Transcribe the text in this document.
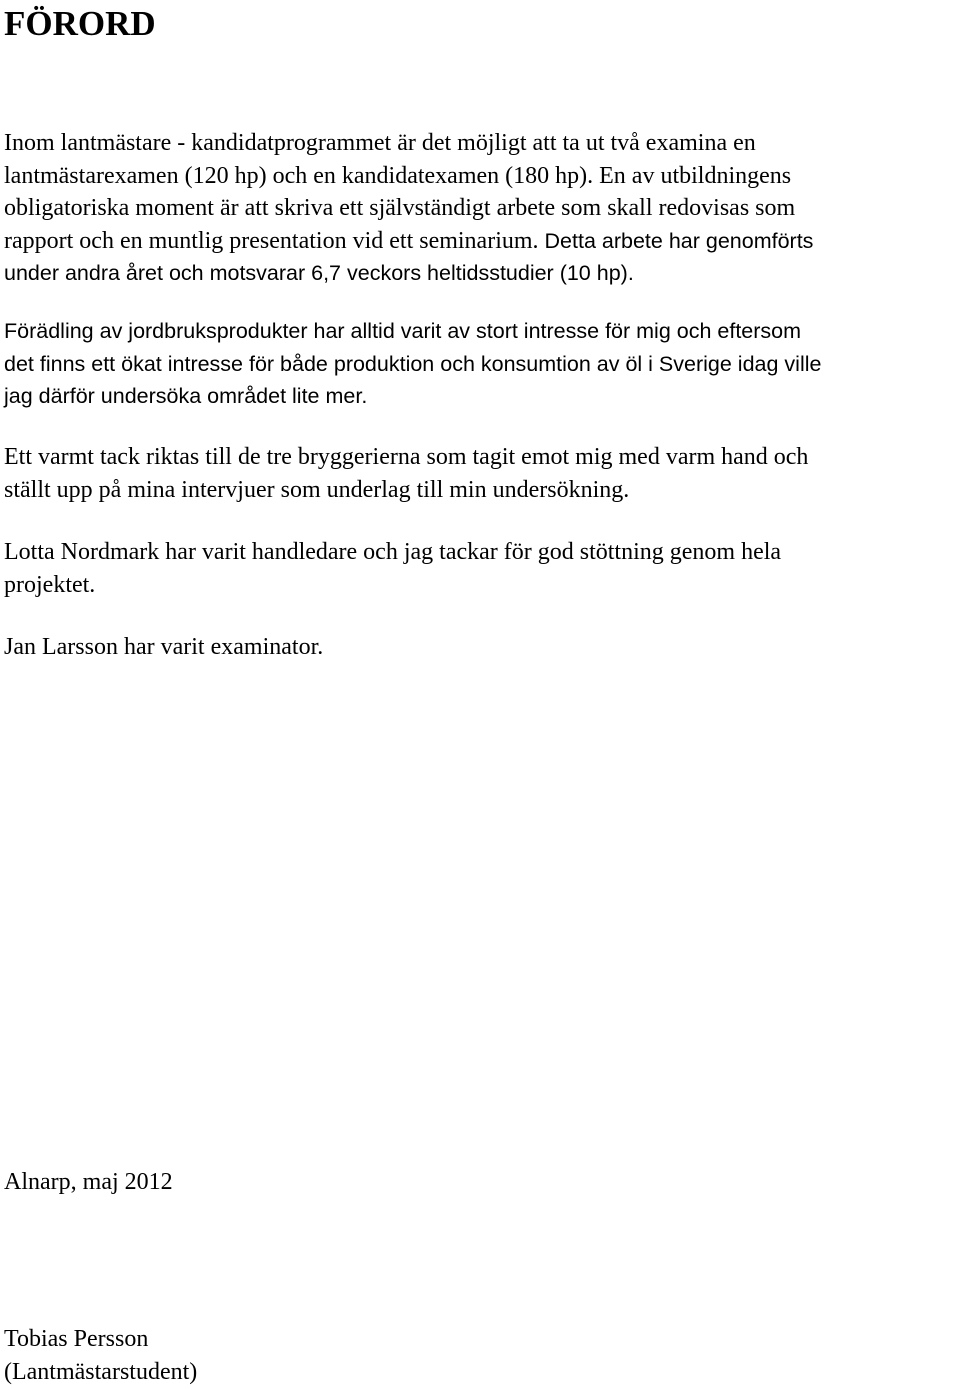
FÖRORD
Inom lantmästare - kandidatprogrammet är det möjligt att ta ut två examina en
lantmästarexamen (120 hp) och en kandidatexamen (180 hp). En av utbildningens
obligatoriska moment är att skriva ett självständigt arbete som skall redovisas som
rapport och en muntlig presentation vid ett seminarium. Detta arbete har genomförts
under andra året och motsvarar 6,7 veckors heltidsstudier (10 hp).
Förädling av jordbruksprodukter har alltid varit av stort intresse för mig och eftersom
det finns ett ökat intresse för både produktion och konsumtion av öl i Sverige idag ville
jag därför undersöka området lite mer.
Ett varmt tack riktas till de tre bryggerierna som tagit emot mig med varm hand och
ställt upp på mina intervjuer som underlag till min undersökning.
Lotta Nordmark har varit handledare och jag tackar för god stöttning genom hela
projektet.
Jan Larsson har varit examinator.
Alnarp, maj 2012
Tobias Persson
(Lantmästarstudent)
